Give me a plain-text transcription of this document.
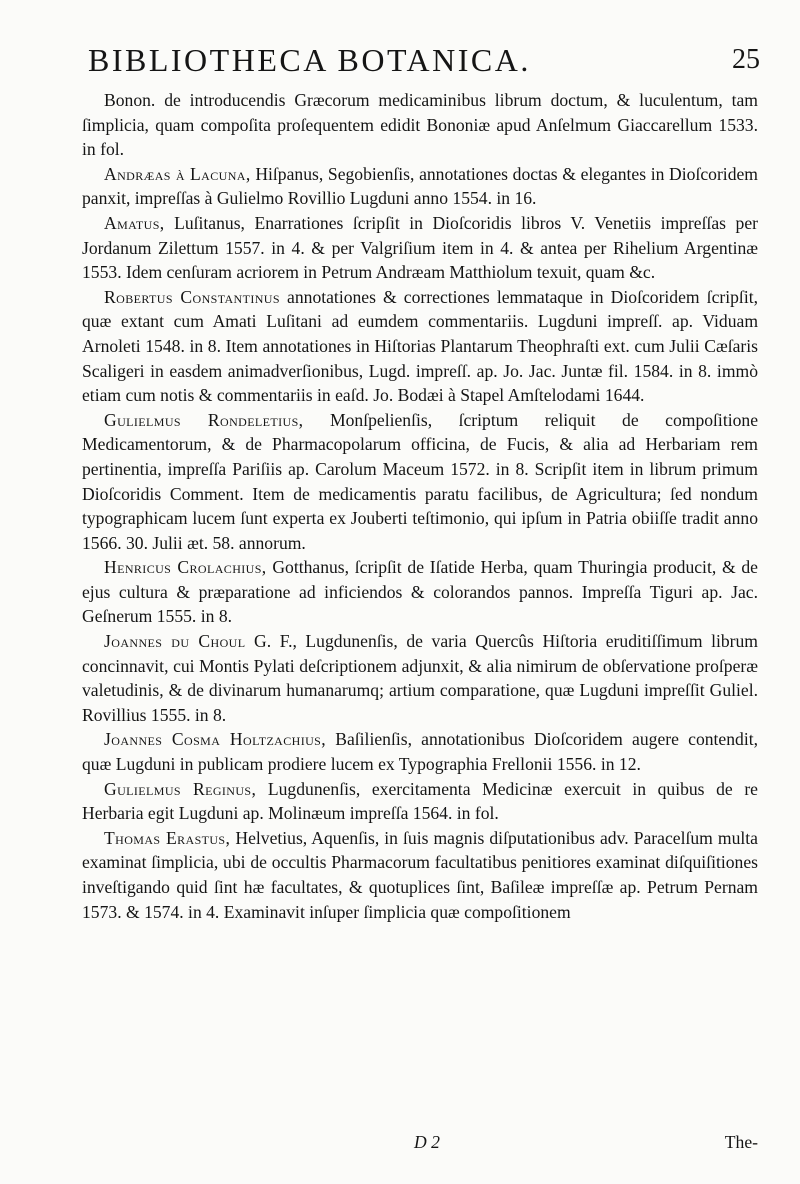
BIBLIOTHECA BOTANICA.	25

Bonon. de introducendis Græcorum medicaminibus librum doctum, & luculentum, tam ſimplicia, quam compoſita proſequentem edidit Bononiæ apud Anſelmum Giaccarellum 1533. in fol.

Andræas à Lacuna, Hiſpanus, Segobienſis, annotationes doctas & elegantes in Dioſcoridem panxit, impreſſas à Gulielmo Rovillio Lugduni anno 1554. in 16.

Amatus, Luſitanus, Enarrationes ſcripſit in Dioſcoridis libros V. Venetiis impreſſas per Jordanum Zilettum 1557. in 4. & per Valgriſium item in 4. & antea per Rihelium Argentinæ 1553. Idem cenſuram acriorem in Petrum Andræam Matthiolum texuit, quam &c.

Robertus Constantinus annotationes & correctiones lemmataque in Dioſcoridem ſcripſit, quæ extant cum Amati Luſitani ad eumdem commentariis. Lugduni impreſſ. ap. Viduam Arnoleti 1548. in 8. Item annotationes in Hiſtorias Plantarum Theophraſti ext. cum Julii Cæſaris Scaligeri in easdem animadverſionibus, Lugd. impreſſ. ap. Jo. Jac. Juntæ fil. 1584. in 8. immò etiam cum notis & commentariis in eaſd. Jo. Bodæi à Stapel Amſtelodami 1644.

Gulielmus Rondeletius, Monſpelienſis, ſcriptum reliquit de compoſitione Medicamentorum, & de Pharmacopolarum officina, de Fucis, & alia ad Herbariam rem pertinentia, impreſſa Pariſiis ap. Carolum Maceum 1572. in 8. Scripſit item in librum primum Dioſcoridis Comment. Item de medicamentis paratu facilibus, de Agricultura; ſed nondum typographicam lucem ſunt experta ex Jouberti teſtimonio, qui ipſum in Patria obiiſſe tradit anno 1566. 30. Julii æt. 58. annorum.

Henricus Crolachius, Gotthanus, ſcripſit de Iſatide Herba, quam Thuringia producit, & de ejus cultura & præparatione ad inficiendos & colorandos pannos. Impreſſa Tiguri ap. Jac. Geſnerum 1555. in 8.

Joannes du Choul G. F., Lugdunenſis, de varia Quercûs Hiſtoria eruditiſſimum librum concinnavit, cui Montis Pylati deſcriptionem adjunxit, & alia nimirum de obſervatione proſperæ valetudinis, & de divinarum humanarumq; artium comparatione, quæ Lugduni impreſſit Guliel. Rovillius 1555. in 8.

Joannes Cosma Holtzachius, Baſilienſis, annotationibus Dioſcoridem augere contendit, quæ Lugduni in publicam prodiere lucem ex Typographia Frellonii 1556. in 12.

Gulielmus Reginus, Lugdunenſis, exercitamenta Medicinæ exercuit in quibus de re Herbaria egit Lugduni ap. Molinæum impreſſa 1564. in fol.

Thomas Erastus, Helvetius, Aquenſis, in ſuis magnis diſputationibus adv. Paracelſum multa examinat ſimplicia, ubi de occultis Pharmacorum facultatibus penitiores examinat diſquiſitiones inveſtigando quid ſint hæ facultates, & quotuplices ſint, Baſileæ impreſſæ ap. Petrum Pernam 1573. & 1574. in 4. Examinavit inſuper ſimplicia quæ compoſitionem

D 2	The-
